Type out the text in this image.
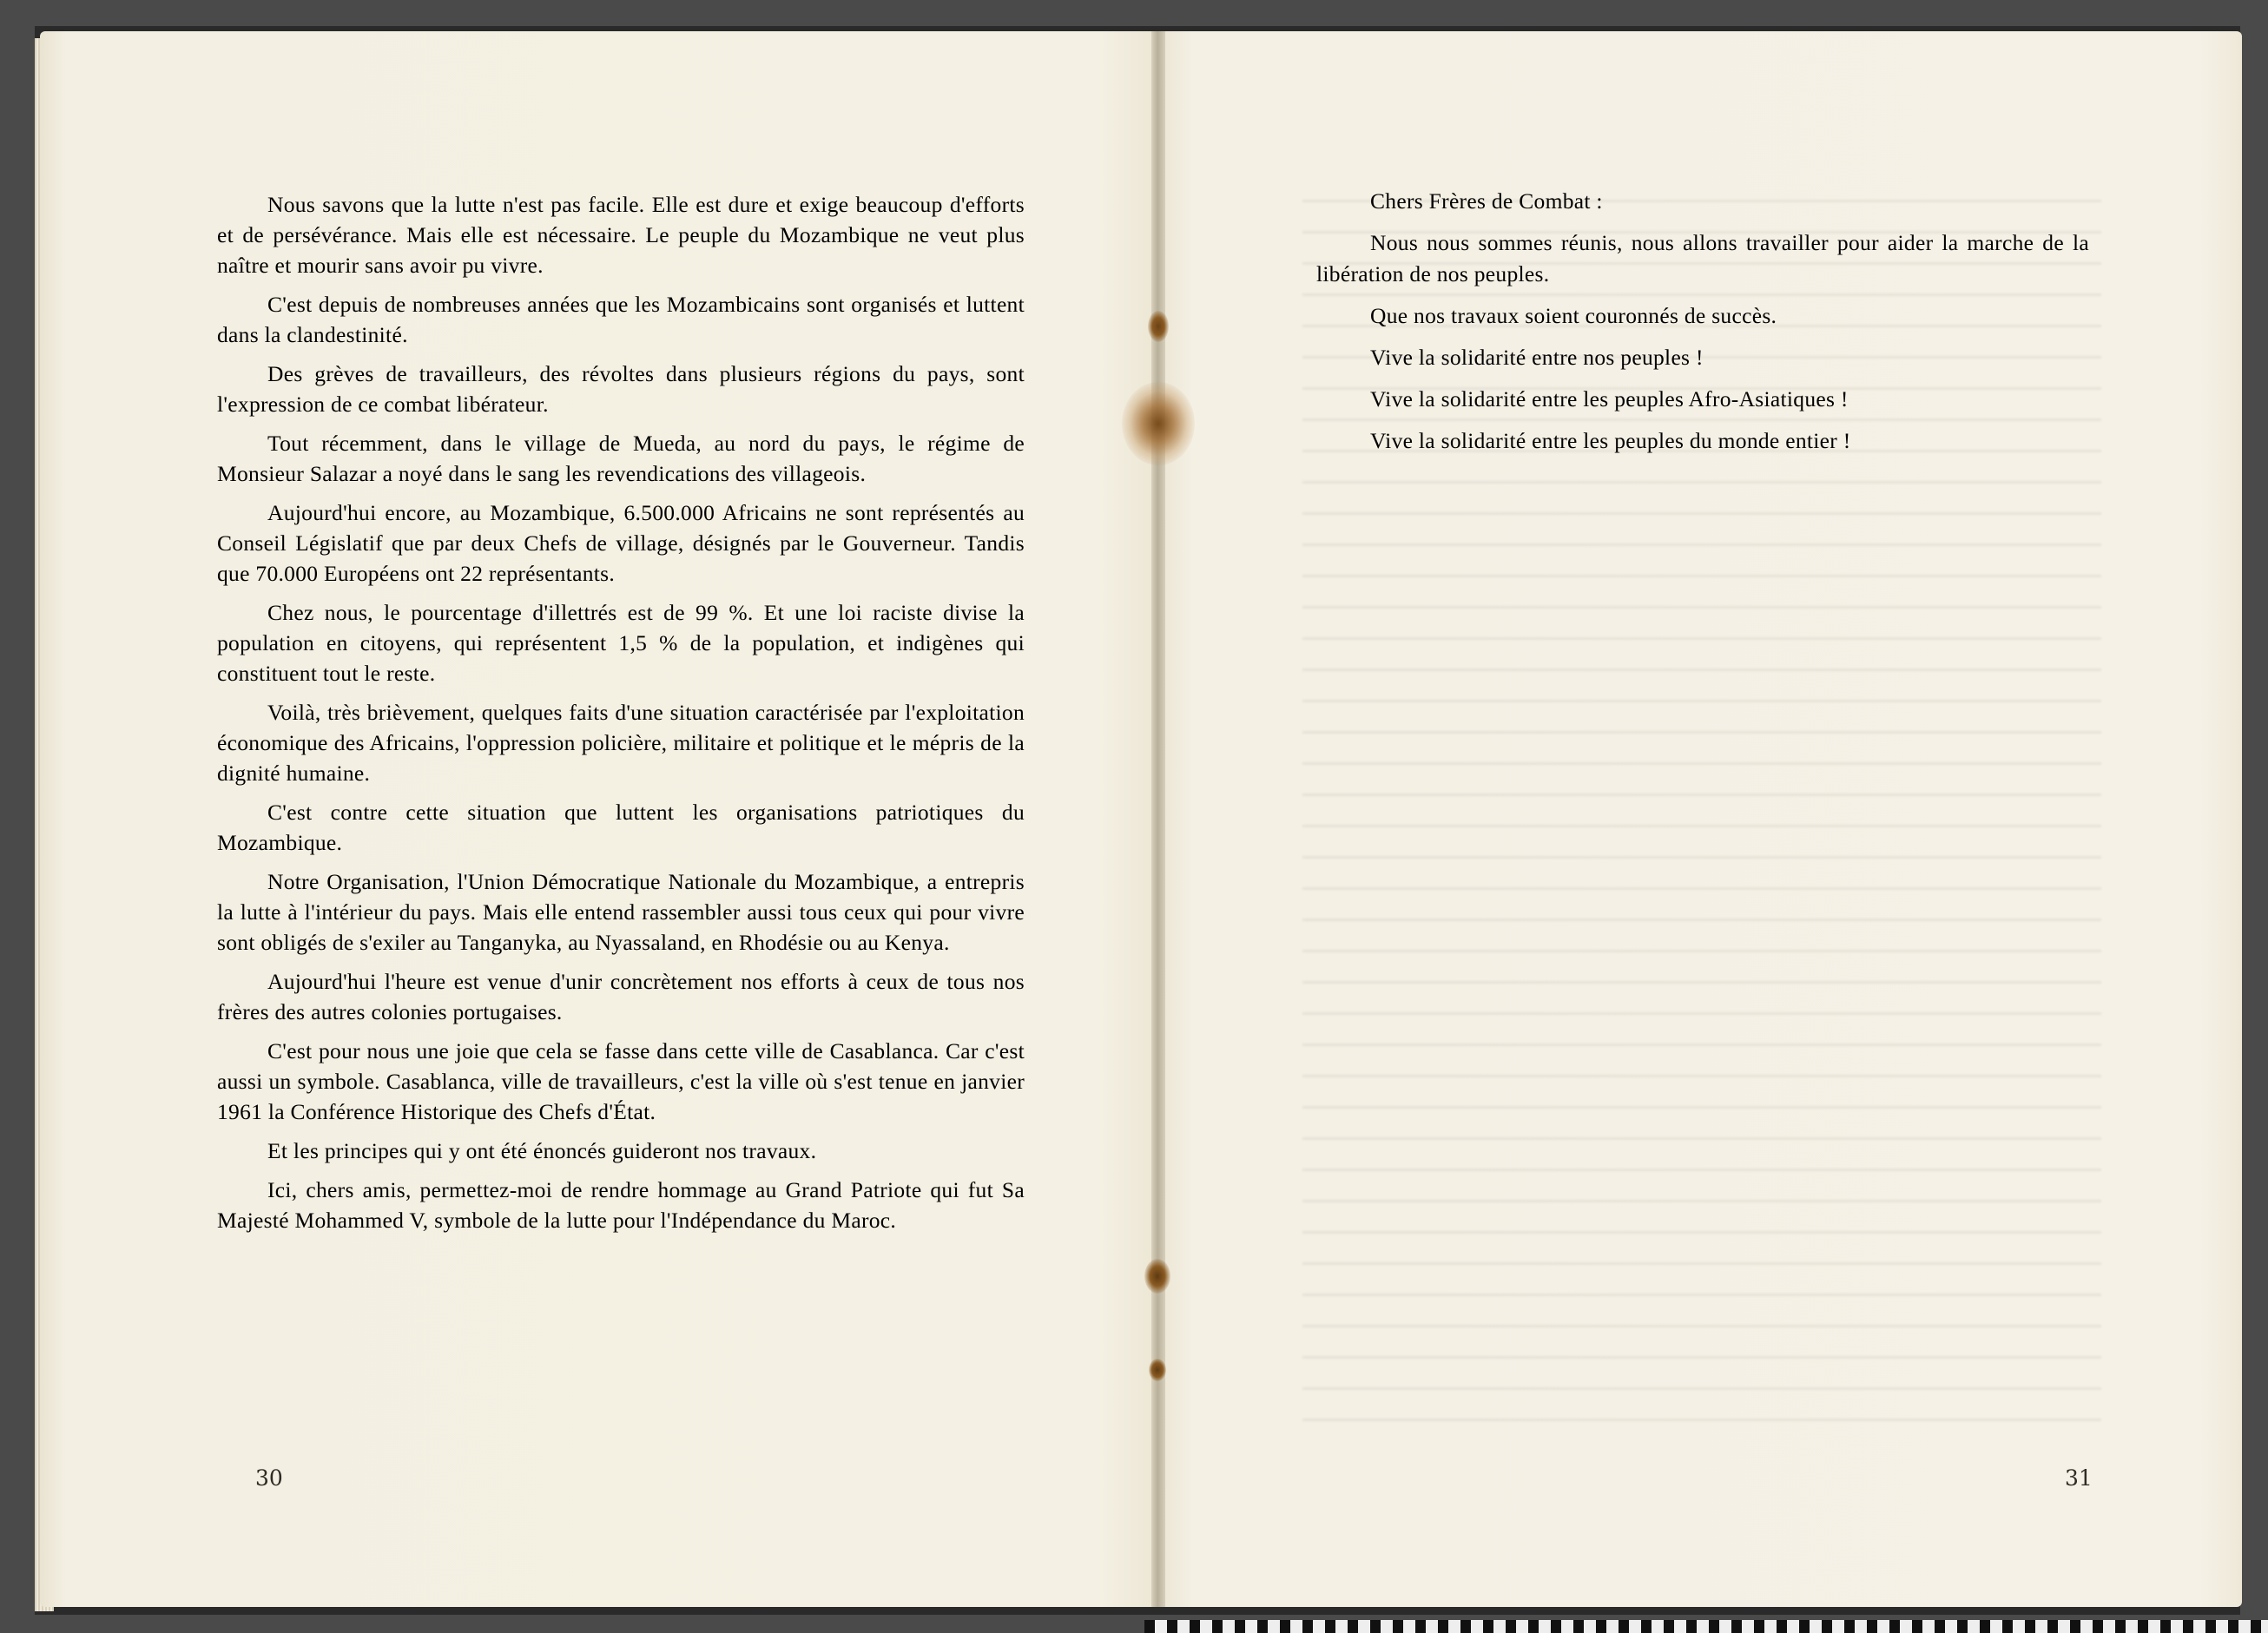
Nous savons que la lutte n'est pas facile. Elle est dure et exige beaucoup d'efforts et de persévérance. Mais elle est nécessaire. Le peuple du Mozambique ne veut plus naître et mourir sans avoir pu vivre.

C'est depuis de nombreuses années que les Mozambicains sont organisés et luttent dans la clandestinité.

Des grèves de travailleurs, des révoltes dans plusieurs régions du pays, sont l'expression de ce combat libérateur.

Tout récemment, dans le village de Mueda, au nord du pays, le régime de Monsieur Salazar a noyé dans le sang les revendications des villageois.

Aujourd'hui encore, au Mozambique, 6.500.000 Africains ne sont représentés au Conseil Législatif que par deux Chefs de village, désignés par le Gouverneur. Tandis que 70.000 Européens ont 22 représentants.

Chez nous, le pourcentage d'illettrés est de 99 %. Et une loi raciste divise la population en citoyens, qui représentent 1,5 % de la population, et indigènes qui constituent tout le reste.

Voilà, très brièvement, quelques faits d'une situation caractérisée par l'exploitation économique des Africains, l'oppression policière, militaire et politique et le mépris de la dignité humaine.

C'est contre cette situation que luttent les organisations patriotiques du Mozambique.

Notre Organisation, l'Union Démocratique Nationale du Mozambique, a entrepris la lutte à l'intérieur du pays. Mais elle entend rassembler aussi tous ceux qui pour vivre sont obligés de s'exiler au Tanganyka, au Nyassaland, en Rhodésie ou au Kenya.

Aujourd'hui l'heure est venue d'unir concrètement nos efforts à ceux de tous nos frères des autres colonies portugaises.

C'est pour nous une joie que cela se fasse dans cette ville de Casablanca. Car c'est aussi un symbole. Casablanca, ville de travailleurs, c'est la ville où s'est tenue en janvier 1961 la Conférence Historique des Chefs d'État.

Et les principes qui y ont été énoncés guideront nos travaux.

Ici, chers amis, permettez-moi de rendre hommage au Grand Patriote qui fut Sa Majesté Mohammed V, symbole de la lutte pour l'Indépendance du Maroc.

30

Chers Frères de Combat :

Nous nous sommes réunis, nous allons travailler pour aider la marche de la libération de nos peuples.

Que nos travaux soient couronnés de succès.

Vive la solidarité entre nos peuples !

Vive la solidarité entre les peuples Afro-Asiatiques !

Vive la solidarité entre les peuples du monde entier !

31
